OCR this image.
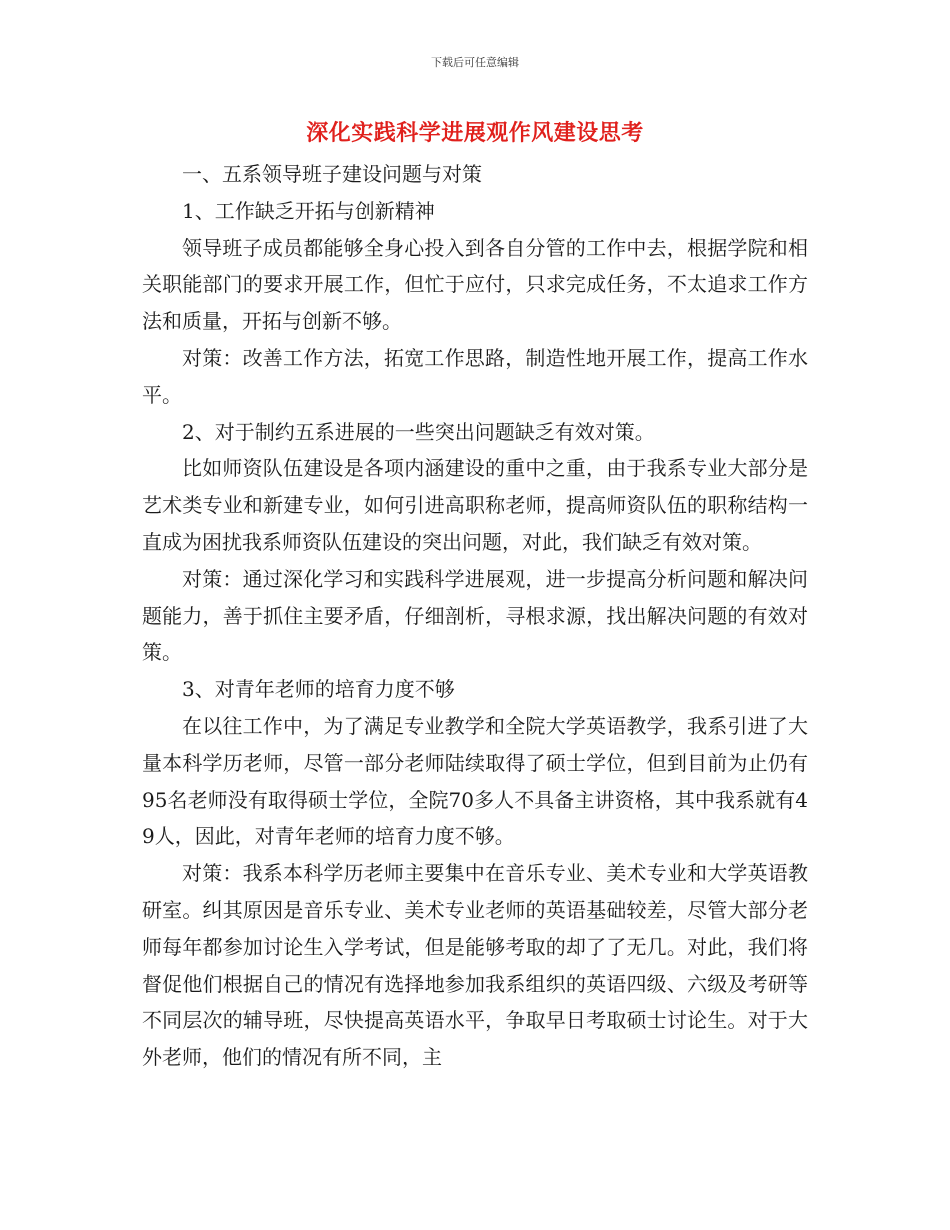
下载后可任意编辑
深化实践科学进展观作风建设思考

一、五系领导班子建设问题与对策

1、工作缺乏开拓与创新精神

领导班子成员都能够全身心投入到各自分管的工作中去，根据学院和相关职能部门的要求开展工作，但忙于应付，只求完成任务，不太追求工作方法和质量，开拓与创新不够。

对策：改善工作方法，拓宽工作思路，制造性地开展工作，提高工作水平。

2、对于制约五系进展的一些突出问题缺乏有效对策。

比如师资队伍建设是各项内涵建设的重中之重，由于我系专业大部分是艺术类专业和新建专业，如何引进高职称老师，提高师资队伍的职称结构一直成为困扰我系师资队伍建设的突出问题，对此，我们缺乏有效对策。

对策：通过深化学习和实践科学进展观，进一步提高分析问题和解决问题能力，善于抓住主要矛盾，仔细剖析，寻根求源，找出解决问题的有效对策。

3、对青年老师的培育力度不够

在以往工作中，为了满足专业教学和全院大学英语教学，我系引进了大量本科学历老师，尽管一部分老师陆续取得了硕士学位，但到目前为止仍有95名老师没有取得硕士学位，全院70多人不具备主讲资格，其中我系就有49人，因此，对青年老师的培育力度不够。

对策：我系本科学历老师主要集中在音乐专业、美术专业和大学英语教研室。纠其原因是音乐专业、美术专业老师的英语基础较差，尽管大部分老师每年都参加讨论生入学考试，但是能够考取的却了了无几。对此，我们将督促他们根据自己的情况有选择地参加我系组织的英语四级、六级及考研等不同层次的辅导班，尽快提高英语水平，争取早日考取硕士讨论生。对于大外老师，他们的情况有所不同，主
